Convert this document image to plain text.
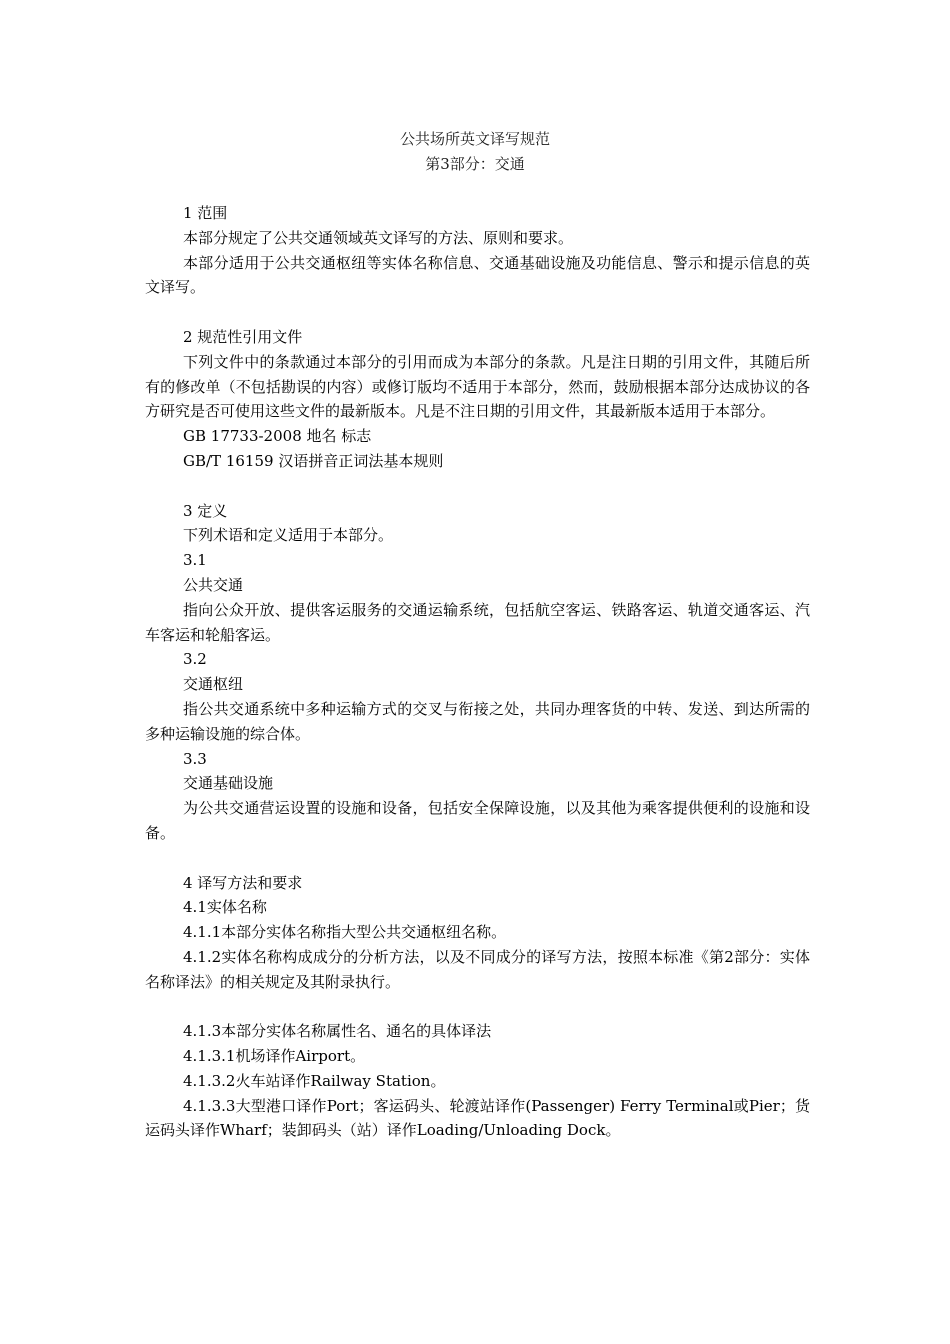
公共场所英文译写规范
第3部分：交通

1 范围

本部分规定了公共交通领域英文译写的方法、原则和要求。

本部分适用于公共交通枢纽等实体名称信息、交通基础设施及功能信息、警示和提示信息的英文译写。

2 规范性引用文件

下列文件中的条款通过本部分的引用而成为本部分的条款。凡是注日期的引用文件，其随后所有的修改单（不包括勘误的内容）或修订版均不适用于本部分，然而，鼓励根据本部分达成协议的各方研究是否可使用这些文件的最新版本。凡是不注日期的引用文件，其最新版本适用于本部分。

GB 17733-2008 地名 标志

GB/T 16159 汉语拼音正词法基本规则

3 定义

下列术语和定义适用于本部分。

3.1

公共交通

指向公众开放、提供客运服务的交通运输系统，包括航空客运、铁路客运、轨道交通客运、汽车客运和轮船客运。

3.2

交通枢纽

指公共交通系统中多种运输方式的交叉与衔接之处，共同办理客货的中转、发送、到达所需的多种运输设施的综合体。

3.3

交通基础设施

为公共交通营运设置的设施和设备，包括安全保障设施，以及其他为乘客提供便利的设施和设备。

4 译写方法和要求

4.1实体名称

4.1.1本部分实体名称指大型公共交通枢纽名称。

4.1.2实体名称构成成分的分析方法，以及不同成分的译写方法，按照本标准《第2部分：实体名称译法》的相关规定及其附录执行。

4.1.3本部分实体名称属性名、通名的具体译法

4.1.3.1机场译作Airport。

4.1.3.2火车站译作Railway Station。

4.1.3.3大型港口译作Port；客运码头、轮渡站译作(Passenger) Ferry Terminal或Pier；货运码头译作Wharf；装卸码头（站）译作Loading/Unloading Dock。
